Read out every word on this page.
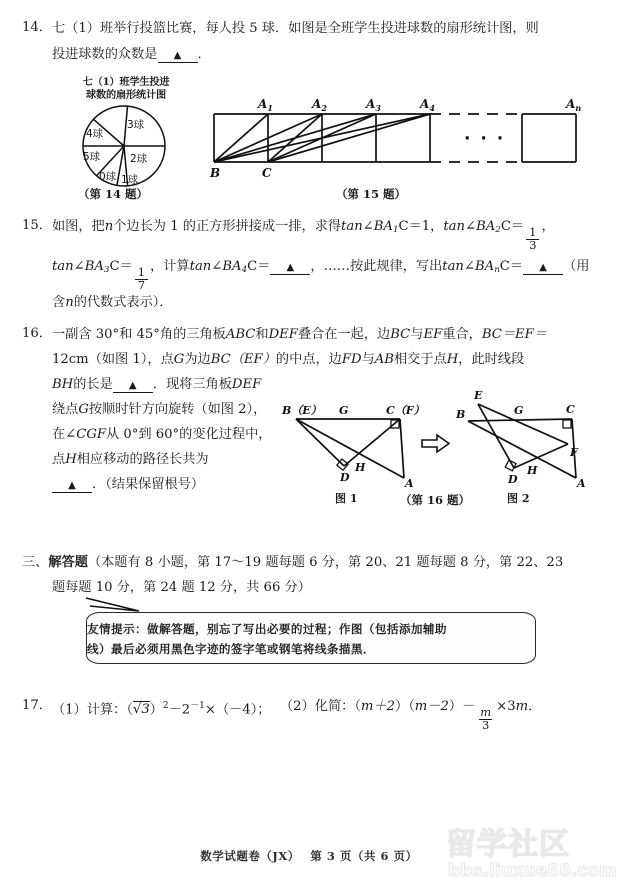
14． 七（1）班举行投篮比赛，每人投 5 球．如图是全班学生投进球数的扇形统计图，则
投进球数的众数是 ▲ ．
七（1）班学生投进
球数的扇形统计图
3球
4球
5球	2球
0球 1球
（第 14 题）
$A_1$	$A_2$	$A_3$	$A_4$	$A_n$
B	C
· · ·
（第 15 题）
15． 如图，把n个边长为 1 的正方形拼接成一排，求得$\tan\angle BA_1C=1$，$\tan\angle BA_2C=$
$\frac{1}{3}$
，
$\tan\angle BA_3C=$
$\frac{1}{7}$
，计算$\tan\angle BA_4C=$ ▲ ，……按此规律，写出$\tan\angle BA_nC=$ ▲ （用
含n的代数式表示）．
16． 一副含 30°和 45°角的三角板ABC和DEF叠合在一起，边BC与EF重合，BC＝EF＝
12cm（如图 1），点G为边BC（EF）的中点，边FD与AB相交于点H，此时线段
BH的长是 ▲ ．现将三角板DEF
绕点G按顺时针方向旋转（如图 2），
在∠CGF从 0°到 60°的变化过程中，
点H相应移动的路径长共为
▲ ．（结果保留根号）
B（E） G	C（F）
A
D
H
E
B	G	C
F
A
D
H
图 1	图 2
（第 16 题）
三、解答题（本题有 8 小题，第 17～19 题每题 6 分，第 20、21 题每题 8 分，第 22、23
题每题 10 分，第 24 题 12 分，共 66 分）
友情提示：做解答题，别忘了写出必要的过程；作图（包括添加辅助
线）最后必须用黑色字迹的签字笔或钢笔将线条描黑．
17． （1）计算：$(√3)^2-2^{-1}\times(-4)$； （2）化简：（m＋2）（m－2）－
$\frac{m}{3}$
×3m．
数学试题卷（JX） 第 3 页（共 6 页） 留学社区
bbs.liuxue86.com
